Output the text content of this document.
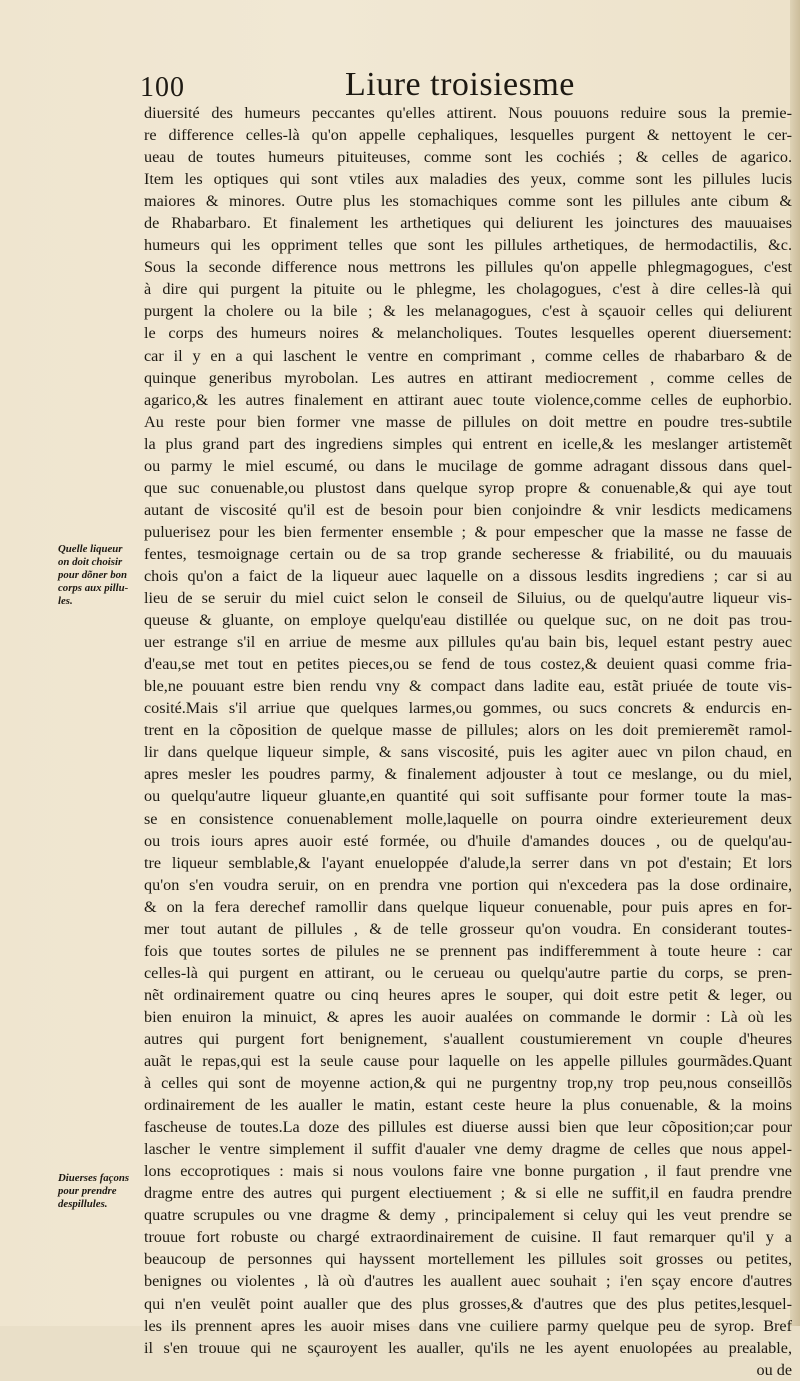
100	Liure troisiesme
Quelle liqueur
on doit choisir
pour dõner bon
corps aux pillu-
les.
Diuerses façons
pour prendre
despillules.
diuersité des humeurs peccantes qu'elles attirent. Nous pouuons reduire sous la premie-
re difference celles-là qu'on appelle cephaliques, lesquelles purgent & nettoyent le cer-
ueau de toutes humeurs pituiteuses, comme sont les cochiés ; & celles de agarico.
Item les optiques qui sont vtiles aux maladies des yeux, comme sont les pillules lucis
maiores & minores. Outre plus les stomachiques comme sont les pillules ante cibum &
de Rhabarbaro. Et finalement les arthetiques qui deliurent les joinctures des mauuaises
humeurs qui les oppriment telles que sont les pillules arthetiques, de hermodactilis, &c.
Sous la seconde difference nous mettrons les pillules qu'on appelle phlegmagogues, c'est
à dire qui purgent la pituite ou le phlegme, les cholagogues, c'est à dire celles-là qui
purgent la cholere ou la bile ; & les melanagogues, c'est à sçauoir celles qui deliurent
le corps des humeurs noires & melancholiques. Toutes lesquelles operent diuersement:
car il y en a qui laschent le ventre en comprimant , comme celles de rhabarbaro & de
quinque generibus myrobolan. Les autres en attirant mediocrement , comme celles de
agarico,& les autres finalement en attirant auec toute violence,comme celles de euphorbio.
Au reste pour bien former vne masse de pillules on doit mettre en poudre tres-subtile
la plus grand part des ingrediens simples qui entrent en icelle,& les meslanger artistemẽt
ou parmy le miel escumé, ou dans le mucilage de gomme adragant dissous dans quel-
que suc conuenable,ou plustost dans quelque syrop propre & conuenable,& qui aye tout
autant de viscosité qu'il est de besoin pour bien conjoindre & vnir lesdicts medicamens
puluerisez pour les bien fermenter ensemble ; & pour empescher que la masse ne fasse de
fentes, tesmoignage certain ou de sa trop grande secheresse & friabilité, ou du mauuais
chois qu'on a faict de la liqueur auec laquelle on a dissous lesdits ingrediens ; car si au
lieu de se seruir du miel cuict selon le conseil de Siluius, ou de quelqu'autre liqueur vis-
queuse & gluante, on employe quelqu'eau distillée ou quelque suc, on ne doit pas trou-
uer estrange s'il en arriue de mesme aux pillules qu'au bain bis, lequel estant pestry auec
d'eau,se met tout en petites pieces,ou se fend de tous costez,& deuient quasi comme fria-
ble,ne pouuant estre bien rendu vny & compact dans ladite eau, estãt priuée de toute vis-
cosité.Mais s'il arriue que quelques larmes,ou gommes, ou sucs concrets & endurcis en-
trent en la cõposition de quelque masse de pillules; alors on les doit premieremẽt ramol-
lir dans quelque liqueur simple, & sans viscosité, puis les agiter auec vn pilon chaud, en
apres mesler les poudres parmy, & finalement adjouster à tout ce meslange, ou du miel,
ou quelqu'autre liqueur gluante,en quantité qui soit suffisante pour former toute la mas-
se en consistence conuenablement molle,laquelle on pourra oindre exterieurement deux
ou trois iours apres auoir esté formée, ou d'huile d'amandes douces , ou de quelqu'au-
tre liqueur semblable,& l'ayant enueloppée d'alude,la serrer dans vn pot d'estain; Et lors
qu'on s'en voudra seruir, on en prendra vne portion qui n'excedera pas la dose ordinaire,
& on la fera derechef ramollir dans quelque liqueur conuenable, pour puis apres en for-
mer tout autant de pillules , & de telle grosseur qu'on voudra. En considerant toutes-
fois que toutes sortes de pilules ne se prennent pas indifferemment à toute heure : car
celles-là qui purgent en attirant, ou le cerueau ou quelqu'autre partie du corps, se pren-
nẽt ordinairement quatre ou cinq heures apres le souper, qui doit estre petit & leger, ou
bien enuiron la minuict, & apres les auoir aualées on commande le dormir : Là où les
autres qui purgent fort benignement, s'auallent coustumierement vn couple d'heures
auãt le repas,qui est la seule cause pour laquelle on les appelle pillules gourmãdes.Quant
à celles qui sont de moyenne action,& qui ne purgentny trop,ny trop peu,nous conseillõs
ordinairement de les aualler le matin, estant ceste heure la plus conuenable, & la moins
fascheuse de toutes.La doze des pillules est diuerse aussi bien que leur cõposition;car pour
lascher le ventre simplement il suffit d'aualer vne demy dragme de celles que nous appel-
lons eccoprotiques : mais si nous voulons faire vne bonne purgation , il faut prendre vne
dragme entre des autres qui purgent electiuement ; & si elle ne suffit,il en faudra prendre
quatre scrupules ou vne dragme & demy , principalement si celuy qui les veut prendre se
trouue fort robuste ou chargé extraordinairement de cuisine. Il faut remarquer qu'il y a
beaucoup de personnes qui hayssent mortellement les pillules soit grosses ou petites,
benignes ou violentes , là où d'autres les auallent auec souhait ; i'en sçay encore d'autres
qui n'en veulẽt point aualler que des plus grosses,& d'autres que des plus petites,lesquel-
les ils prennent apres les auoir mises dans vne cuiliere parmy quelque peu de syrop. Bref
il s'en trouue qui ne sçauroyent les aualler, qu'ils ne les ayent enuolopées au prealable,
ou de
